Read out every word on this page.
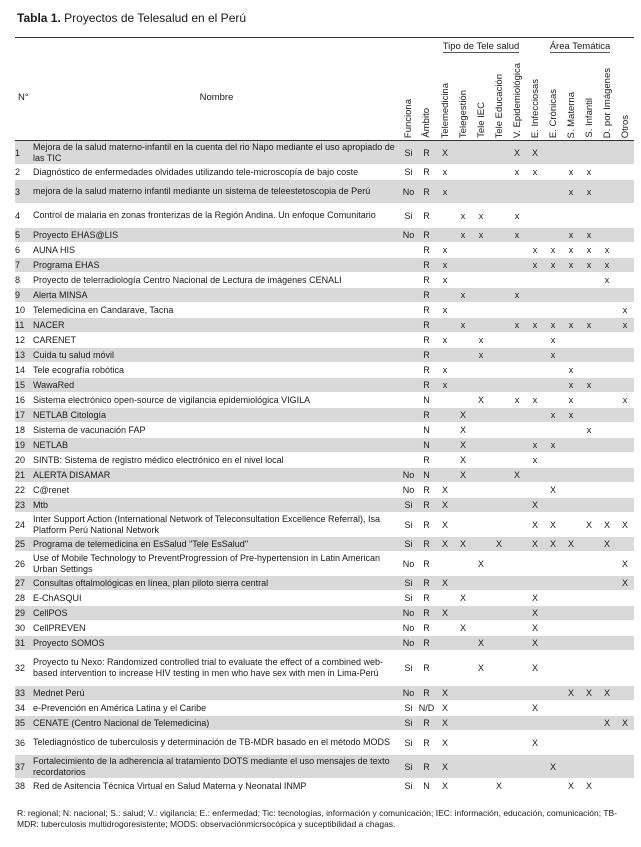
Tabla 1. Proyectos de Telesalud en el Perú

				Tipo de Tele salud					Área Temática					
N°	Nombre	Funciona	Ámbito	Telemedicina	Telegestión	Tele IEC	Tele Educación	V. Epidemiológica	E. Infecciosas	E. Crónicas	S. Materna	S. Infantil	D. por Imágenes	Otros
1	Mejora de la salud materno-infantil en la cuenta del rio Napo mediante el uso apropiado de las TIC	Si	R	X				X	X					
2	Diagnóstico de enfermedades olvidades utilizando tele-microscopía de bajo coste	Si	R	x				x	x		x	x		
3	mejora de la salud materno infantil mediante un sistema de teleestetoscopia de Perú	No	R	x							x	x		
4	Control de malaria en zonas fronterizas de la Región Andina. Un enfoque Comunitario	Si	R		x	x		x						
5	Proyecto EHAS@LIS	No	R		x	x		x			x	x		
6	AUNA HIS		R	x					x	x	x	x	x	
7	Programa EHAS		R	x					x	x	x	x	x	
8	Proyecto de telerradiología Centro Nacional de Lectura de imágenes CENALI		R	x									x	
9	Alerta MINSA		R		x			x						
10	Telemedicina en Candarave, Tacna		R	x										x
11	NACER		R		x			x	x	x	x	x		x
12	CARENET		R	x		x				x				
13	Cuida tu salud móvil		R			x				x				
14	Tele ecografía robótica		R	x							x			
15	WawaRed		R	x							x	x		
16	Sistema electrónico open-source de vigilancia epidemiológica VIGILA		N			X		x	x		x			x
17	NETLAB Citología		R		X					x	x			
18	Sistema de vacunación FAP		N		X							x		
19	NETLAB		N		X				x	x				
20	SINTB: Sistema de registro médico electrónico en el nivel local		R		X				x					
21	ALERTA DISAMAR	No	N		X			X						
22	C@renet	No	R	X						X				
23	Mtb	Si	R	X					X					
24	Inter Support Action (International Network of Teleconsultation Excellence Referral), Isa Platform Perú National Network	Si	R	X					X	X		X	X	X
25	Programa de telemedicina en EsSalud "Tele EsSalud"	Si	R	X	X		X		X	X	X		X	
26	Use of Mobile Technology to PreventProgression of Pre-hypertension in Latin American Urban Settings	No	R			X								X
27	Consultas oftalmológicas en línea, plan piloto sierra central	Si	R	X										X
28	E-ChASQUI	Si	R		X				X					
29	CellPOS	No	R	X					X					
30	CellPREVEN	No	R		X				X					
31	Proyecto SOMOS	No	R			X			X					
32	Proyecto tu Nexo: Randomized controlled trial to evaluate the effect of a combined web-based intervention to increase HIV testing in men who have sex with men in Lima-Perú	Si	R			X			X					
33	Mednet Perú	No	R	X							X	X	X	
34	e-Prevención en América Latina y el Caribe	Si	N/D	X					X					
35	CENATE (Centro Nacional de Telemedicina)	Si	R	X									X	X
36	Telediagnóstico de tuberculosis y determinación de TB-MDR basado en el método MODS	Si	R	X					X					
37	Fortalecimiento de la adherencia al tratamiento DOTS mediante el uso mensajes de texto recordatorios	Si	R	X						X				
38	Red de Asitencia Técnica Virtual en Salud Materna y Neonatal INMP	Si	N	X			X				X	X		

R: regional; N: nacional; S.: salud; V.: vigilancia; E.: enfermedad; Tic: tecnologías, información y comunicación; IEC: información, educación, comunicación; TB-MDR: tuberculosis multidrogoresistente; MODS: observaciónmicrsocópica y suceptibilidad a chagas.
